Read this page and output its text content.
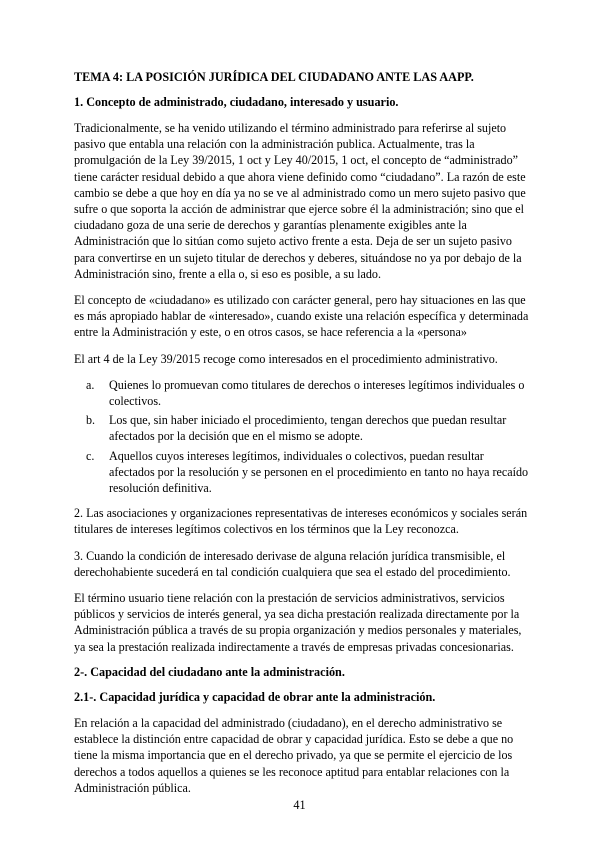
TEMA 4: LA POSICIÓN JURÍDICA DEL CIUDADANO ANTE LAS AAPP.
1. Concepto de administrado, ciudadano, interesado y usuario.

Tradicionalmente, se ha venido utilizando el término administrado para referirse al sujeto pasivo que entabla una relación con la administración publica. Actualmente, tras la promulgación de la Ley 39/2015, 1 oct y Ley 40/2015, 1 oct, el concepto de “administrado” tiene carácter residual debido a que ahora viene definido como “ciudadano”. La razón de este cambio se debe a que hoy en día ya no se ve al administrado como un mero sujeto pasivo que sufre o que soporta la acción de administrar que ejerce sobre él la administración; sino que el ciudadano goza de una serie de derechos y garantías plenamente exigibles ante la Administración que lo sitúan como sujeto activo frente a esta. Deja de ser un sujeto pasivo para convertirse en un sujeto titular de derechos y deberes, situándose no ya por debajo de la Administración sino, frente a ella o, si eso es posible, a su lado.

El concepto de «ciudadano» es utilizado con carácter general, pero hay situaciones en las que es más apropiado hablar de «interesado», cuando existe una relación específica y determinada entre la Administración y este, o en otros casos, se hace referencia a la «persona»

El art 4 de la Ley 39/2015 recoge como interesados en el procedimiento administrativo.

a.	Quienes lo promuevan como titulares de derechos o intereses legítimos individuales o colectivos.
b.	Los que, sin haber iniciado el procedimiento, tengan derechos que puedan resultar afectados por la decisión que en el mismo se adopte.
c.	Aquellos cuyos intereses legítimos, individuales o colectivos, puedan resultar afectados por la resolución y se personen en el procedimiento en tanto no haya recaído resolución definitiva.

2. Las asociaciones y organizaciones representativas de intereses económicos y sociales serán titulares de intereses legítimos colectivos en los términos que la Ley reconozca.

3. Cuando la condición de interesado derivase de alguna relación jurídica transmisible, el derechohabiente sucederá en tal condición cualquiera que sea el estado del procedimiento.

El término usuario tiene relación con la prestación de servicios administrativos, servicios públicos y servicios de interés general, ya sea dicha prestación realizada directamente por la Administración pública a través de su propia organización y medios personales y materiales, ya sea la prestación realizada indirectamente a través de empresas privadas concesionarias.

2-. Capacidad del ciudadano ante la administración.
2.1-. Capacidad jurídica y capacidad de obrar ante la administración.

En relación a la capacidad del administrado (ciudadano), en el derecho administrativo se establece la distinción entre capacidad de obrar y capacidad jurídica. Esto se debe a que no tiene la misma importancia que en el derecho privado, ya que se permite el ejercicio de los derechos a todos aquellos a quienes se les reconoce aptitud para entablar relaciones con la Administración pública.

41
